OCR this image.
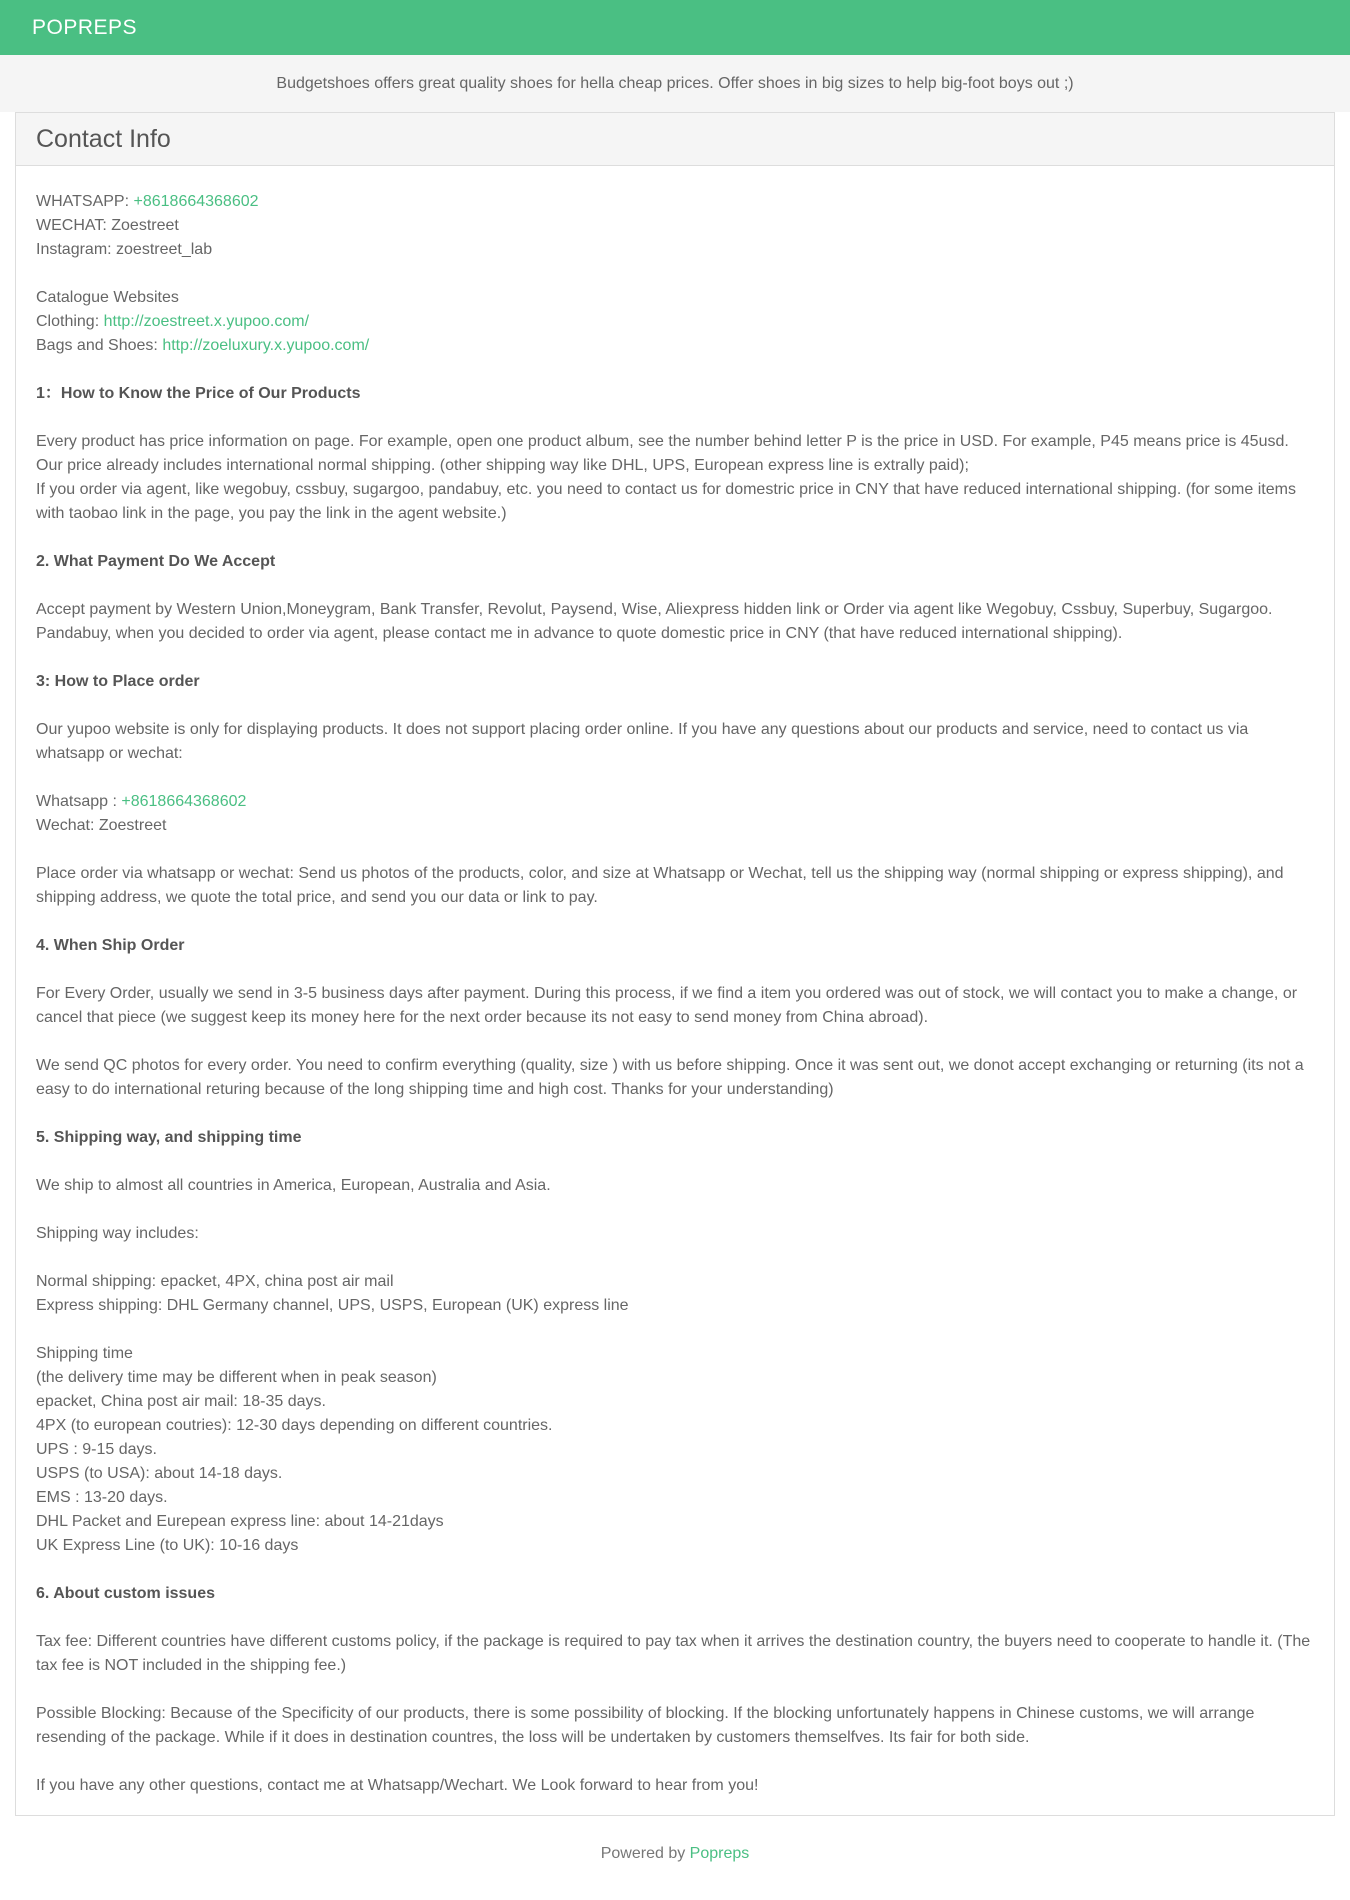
POPREPS
Budgetshoes offers great quality shoes for hella cheap prices. Offer shoes in big sizes to help big-foot boys out ;)
Contact Info
WHATSAPP: +8618664368602
WECHAT: Zoestreet
Instagram: zoestreet_lab
Catalogue Websites
Clothing: http://zoestreet.x.yupoo.com/
Bags and Shoes: http://zoeluxury.x.yupoo.com/
1：How to Know the Price of Our Products
Every product has price information on page. For example, open one product album, see the number behind letter P is the price in USD. For example, P45 means price is 45usd.
Our price already includes international normal shipping. (other shipping way like DHL, UPS, European express line is extrally paid);
If you order via agent, like wegobuy, cssbuy, sugargoo, pandabuy, etc. you need to contact us for domestric price in CNY that have reduced international shipping. (for some items with taobao link in the page, you pay the link in the agent website.)
2. What Payment Do We Accept
Accept payment by Western Union,Moneygram, Bank Transfer, Revolut, Paysend, Wise, Aliexpress hidden link or Order via agent like Wegobuy, Cssbuy, Superbuy, Sugargoo. Pandabuy, when you decided to order via agent, please contact me in advance to quote domestic price in CNY (that have reduced international shipping).
3: How to Place order
Our yupoo website is only for displaying products. It does not support placing order online. If you have any questions about our products and service, need to contact us via whatsapp or wechat:
Whatsapp : +8618664368602
Wechat: Zoestreet
Place order via whatsapp or wechat: Send us photos of the products, color, and size at Whatsapp or Wechat, tell us the shipping way (normal shipping or express shipping), and shipping address, we quote the total price, and send you our data or link to pay.
4. When Ship Order
For Every Order, usually we send in 3-5 business days after payment. During this process, if we find a item you ordered was out of stock, we will contact you to make a change, or cancel that piece (we suggest keep its money here for the next order because its not easy to send money from China abroad).
We send QC photos for every order. You need to confirm everything (quality, size ) with us before shipping. Once it was sent out, we donot accept exchanging or returning (its not a easy to do international returing because of the long shipping time and high cost. Thanks for your understanding)
5. Shipping way, and shipping time
We ship to almost all countries in America, European, Australia and Asia.
Shipping way includes:
Normal shipping: epacket, 4PX, china post air mail
Express shipping: DHL Germany channel, UPS, USPS, European (UK) express line
Shipping time
(the delivery time may be different when in peak season)
epacket, China post air mail: 18-35 days.
4PX (to european coutries): 12-30 days depending on different countries.
UPS : 9-15 days.
USPS (to USA): about 14-18 days.
EMS : 13-20 days.
DHL Packet and Eurepean express line: about 14-21days
UK Express Line (to UK): 10-16 days
6. About custom issues
Tax fee: Different countries have different customs policy, if the package is required to pay tax when it arrives the destination country, the buyers need to cooperate to handle it. (The tax fee is NOT included in the shipping fee.)
Possible Blocking: Because of the Specificity of our products, there is some possibility of blocking. If the blocking unfortunately happens in Chinese customs, we will arrange resending of the package. While if it does in destination countres, the loss will be undertaken by customers themselfves. Its fair for both side.
If you have any other questions, contact me at Whatsapp/Wechart. We Look forward to hear from you!
Powered by Popreps
